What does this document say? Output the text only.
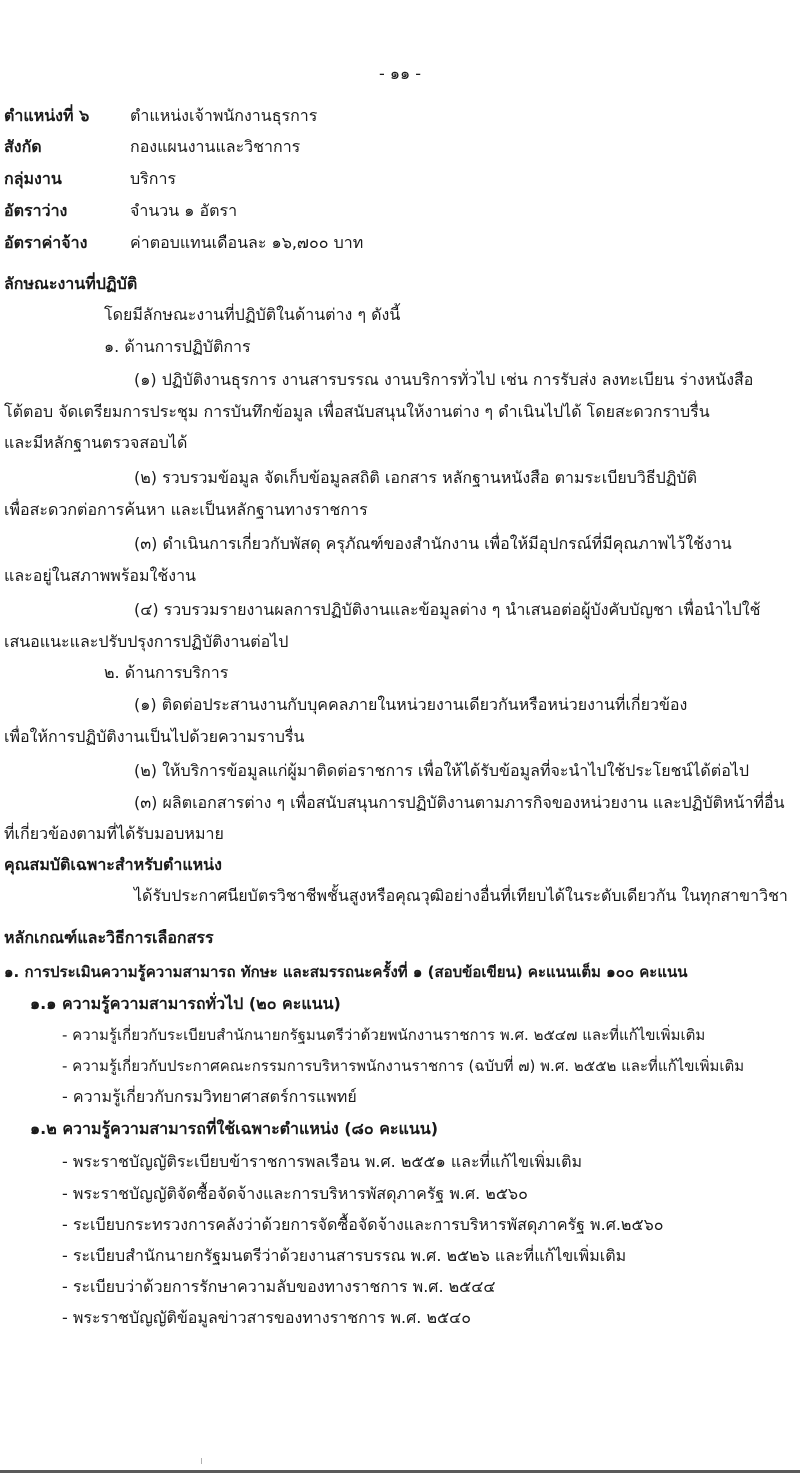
- ๑๑ -
ตำแหน่งที่ ๖	ตำแหน่งเจ้าพนักงานธุรการ
สังกัด	กองแผนงานและวิชาการ
กลุ่มงาน	บริการ
อัตราว่าง	จำนวน ๑ อัตรา
อัตราค่าจ้าง	ค่าตอบแทนเดือนละ ๑๖,๗๐๐ บาท
ลักษณะงานที่ปฏิบัติ
โดยมีลักษณะงานที่ปฏิบัติในด้านต่าง ๆ ดังนี้
๑. ด้านการปฏิบัติการ
(๑) ปฏิบัติงานธุรการ งานสารบรรณ งานบริการทั่วไป เช่น การรับส่ง ลงทะเบียน ร่างหนังสือ
โต้ตอบ จัดเตรียมการประชุม การบันทึกข้อมูล เพื่อสนับสนุนให้งานต่าง ๆ ดำเนินไปได้ โดยสะดวกราบรื่น
และมีหลักฐานตรวจสอบได้
(๒) รวบรวมข้อมูล จัดเก็บข้อมูลสถิติ เอกสาร หลักฐานหนังสือ ตามระเบียบวิธีปฏิบัติ
เพื่อสะดวกต่อการค้นหา และเป็นหลักฐานทางราชการ
(๓) ดำเนินการเกี่ยวกับพัสดุ ครุภัณฑ์ของสำนักงาน เพื่อให้มีอุปกรณ์ที่มีคุณภาพไว้ใช้งาน
และอยู่ในสภาพพร้อมใช้งาน
(๔) รวบรวมรายงานผลการปฏิบัติงานและข้อมูลต่าง ๆ นำเสนอต่อผู้บังคับบัญชา เพื่อนำไปใช้
เสนอแนะและปรับปรุงการปฏิบัติงานต่อไป
๒. ด้านการบริการ
(๑) ติดต่อประสานงานกับบุคคลภายในหน่วยงานเดียวกันหรือหน่วยงานที่เกี่ยวข้อง
เพื่อให้การปฏิบัติงานเป็นไปด้วยความราบรื่น
(๒) ให้บริการข้อมูลแก่ผู้มาติดต่อราชการ เพื่อให้ได้รับข้อมูลที่จะนำไปใช้ประโยชน์ได้ต่อไป
(๓) ผลิตเอกสารต่าง ๆ เพื่อสนับสนุนการปฏิบัติงานตามภารกิจของหน่วยงาน และปฏิบัติหน้าที่อื่น
ที่เกี่ยวข้องตามที่ได้รับมอบหมาย
คุณสมบัติเฉพาะสำหรับตำแหน่ง
ได้รับประกาศนียบัตรวิชาชีพชั้นสูงหรือคุณวุฒิอย่างอื่นที่เทียบได้ในระดับเดียวกัน ในทุกสาขาวิชา
หลักเกณฑ์และวิธีการเลือกสรร
๑. การประเมินความรู้ความสามารถ ทักษะ และสมรรถนะครั้งที่ ๑ (สอบข้อเขียน) คะแนนเต็ม ๑๐๐ คะแนน
๑.๑ ความรู้ความสามารถทั่วไป (๒๐ คะแนน)
- ความรู้เกี่ยวกับระเบียบสำนักนายกรัฐมนตรีว่าด้วยพนักงานราชการ พ.ศ. ๒๕๔๗ และที่แก้ไขเพิ่มเติม
- ความรู้เกี่ยวกับประกาศคณะกรรมการบริหารพนักงานราชการ (ฉบับที่ ๗) พ.ศ. ๒๕๕๒ และที่แก้ไขเพิ่มเติม
- ความรู้เกี่ยวกับกรมวิทยาศาสตร์การแพทย์
๑.๒ ความรู้ความสามารถที่ใช้เฉพาะตำแหน่ง (๘๐ คะแนน)
- พระราชบัญญัติระเบียบข้าราชการพลเรือน พ.ศ. ๒๕๕๑ และที่แก้ไขเพิ่มเติม
- พระราชบัญญัติจัดซื้อจัดจ้างและการบริหารพัสดุภาครัฐ พ.ศ. ๒๕๖๐
- ระเบียบกระทรวงการคลังว่าด้วยการจัดซื้อจัดจ้างและการบริหารพัสดุภาครัฐ พ.ศ.๒๕๖๐
- ระเบียบสำนักนายกรัฐมนตรีว่าด้วยงานสารบรรณ พ.ศ. ๒๕๒๖ และที่แก้ไขเพิ่มเติม
- ระเบียบว่าด้วยการรักษาความลับของทางราชการ พ.ศ. ๒๕๔๔
- พระราชบัญญัติข้อมูลข่าวสารของทางราชการ พ.ศ. ๒๕๔๐
